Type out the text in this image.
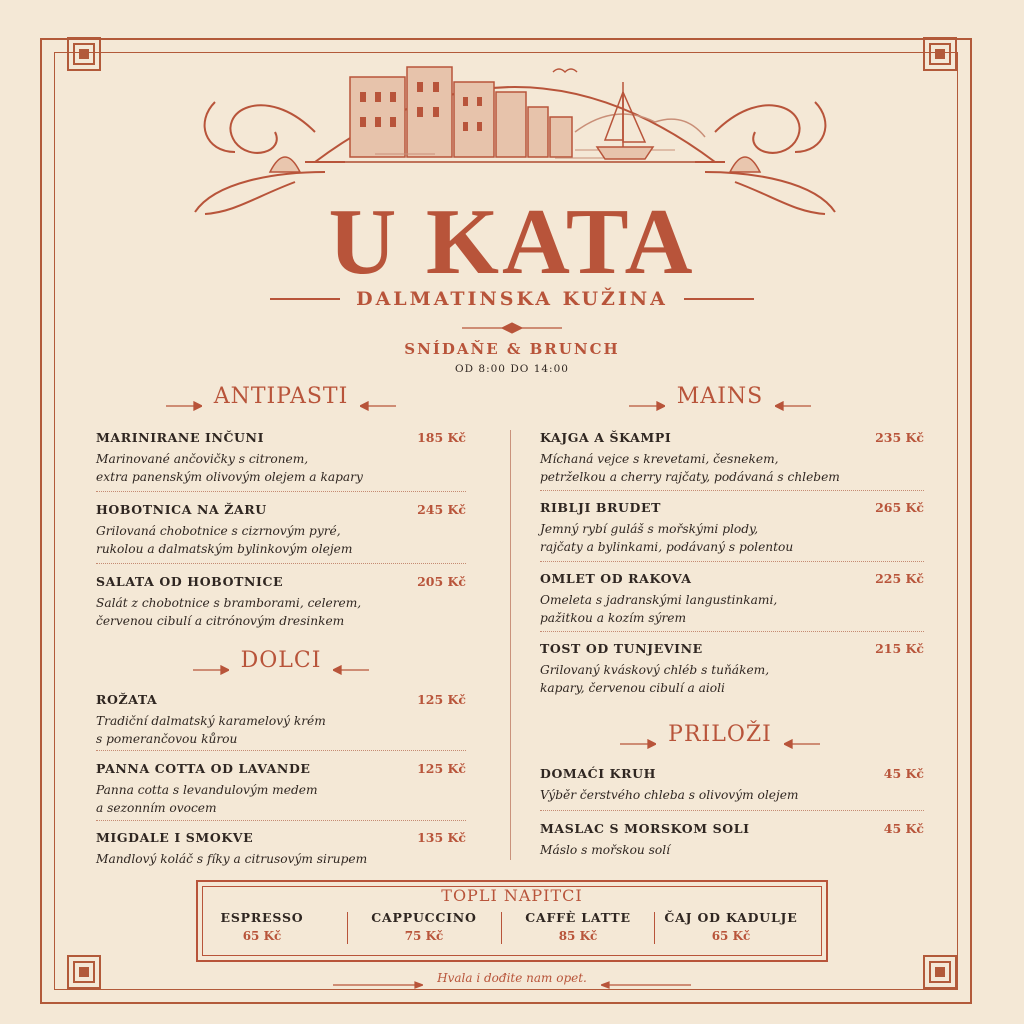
U KATA
DALMATINSKA KUŽINA
SNÍDAŇE & BRUNCH
OD 8:00 DO 14:00
ANTIPASTI	MAINS
DOLCI
PRILOŽI
MARINIRANE INČUNI	185 Kč
Marinované ančovičky s citronem,
extra panenským olivovým olejem a kapary
HOBOTNICA NA ŽARU	245 Kč
Grilovaná chobotnice s cizrnovým pyré,
rukolou a dalmatským bylinkovým olejem
SALATA OD HOBOTNICE	205 Kč
Salát z chobotnice s bramborami, celerem,
červenou cibulí a citrónovým dresinkem
ROŽATA	125 Kč
Tradiční dalmatský karamelový krém
s pomerančovou kůrou
PANNA COTTA OD LAVANDE	125 Kč
Panna cotta s levandulovým medem
a sezonním ovocem
MIGDALE I SMOKVE	135 Kč
Mandlový koláč s fíky a citrusovým sirupem
KAJGA A ŠKAMPI	235 Kč
Míchaná vejce s krevetami, česnekem,
petrželkou a cherry rajčaty, podávaná s chlebem
RIBLJI BRUDET	265 Kč
Jemný rybí guláš s mořskými plody,
rajčaty a bylinkami, podávaný s polentou
OMLET OD RAKOVA	225 Kč
Omeleta s jadranskými langustinkami,
pažitkou a kozím sýrem
TOST OD TUNJEVINE	215 Kč
Grilovaný kváskový chléb s tuňákem,
kapary, červenou cibulí a aioli
DOMAĆI KRUH	45 Kč
Výběr čerstvého chleba s olivovým olejem
MASLAC S MORSKOM SOLI	45 Kč
Máslo s mořskou solí
TOPLI NAPITCI
ESPRESSO
65 Kč
CAPPUCCINO
75 Kč
CAFFÈ LATTE
85 Kč
ČAJ OD KADULJE
65 Kč
Hvala i dođite nam opet.
